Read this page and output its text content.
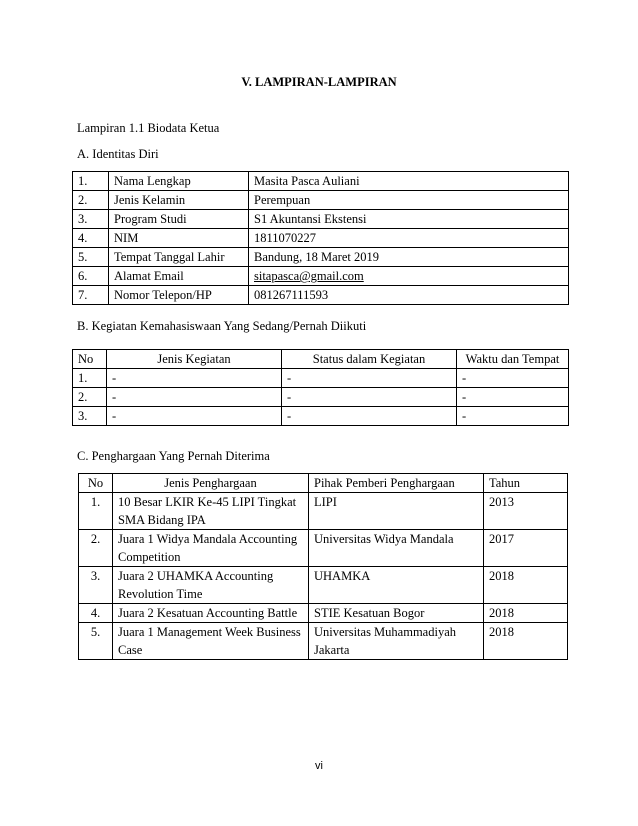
V. LAMPIRAN-LAMPIRAN
Lampiran 1.1 Biodata Ketua
A. Identitas Diri
1.	Nama Lengkap	Masita Pasca Auliani
2.	Jenis Kelamin	Perempuan
3.	Program Studi	S1 Akuntansi Ekstensi
4.	NIM	1811070227
5.	Tempat Tanggal Lahir	Bandung, 18 Maret 2019
6.	Alamat Email	sitapasca@gmail.com
7.	Nomor Telepon/HP	081267111593
B. Kegiatan Kemahasiswaan Yang Sedang/Pernah Diikuti
No	Jenis Kegiatan	Status dalam Kegiatan	Waktu dan Tempat
1.	-	-	-
2.	-	-	-
3.	-	-	-
C. Penghargaan Yang Pernah Diterima
No	Jenis Penghargaan	Pihak Pemberi Penghargaan	Tahun
1.	10 Besar LKIR Ke-45 LIPI Tingkat SMA Bidang IPA	LIPI	2013
2.	Juara 1 Widya Mandala Accounting Competition	Universitas Widya Mandala	2017
3.	Juara 2 UHAMKA Accounting Revolution Time	UHAMKA	2018
4.	Juara 2 Kesatuan Accounting Battle	STIE Kesatuan Bogor	2018
5.	Juara 1 Management Week Business Case	Universitas Muhammadiyah Jakarta	2018
vi
